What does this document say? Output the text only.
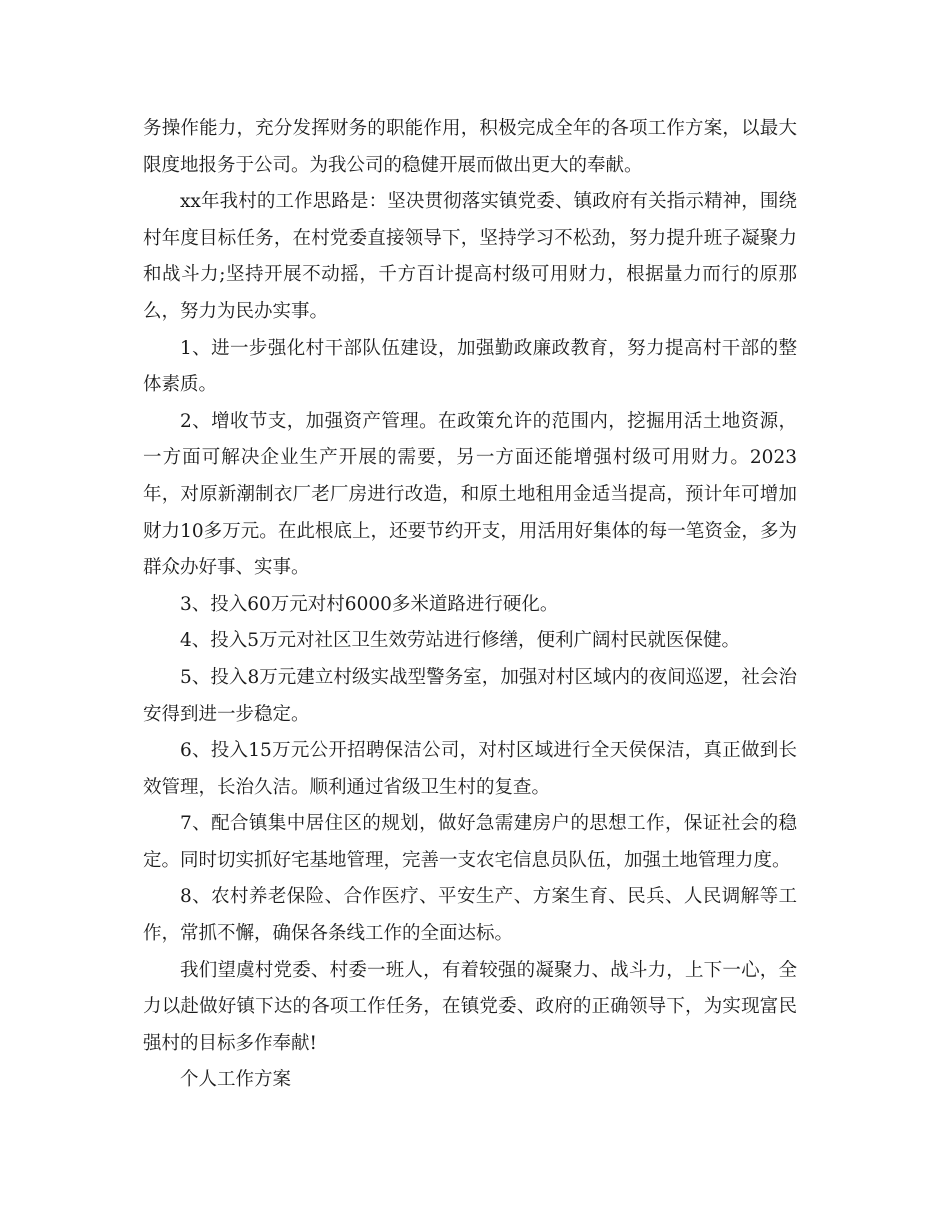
务操作能力，充分发挥财务的职能作用，积极完成全年的各项工作方案，以最大限度地报务于公司。为我公司的稳健开展而做出更大的奉献。

xx年我村的工作思路是：坚决贯彻落实镇党委、镇政府有关指示精神，围绕村年度目标任务，在村党委直接领导下，坚持学习不松劲，努力提升班子凝聚力和战斗力;坚持开展不动摇，千方百计提高村级可用财力，根据量力而行的原那么，努力为民办实事。

1、进一步强化村干部队伍建设，加强勤政廉政教育，努力提高村干部的整体素质。

2、增收节支，加强资产管理。在政策允许的范围内，挖掘用活土地资源，一方面可解决企业生产开展的需要，另一方面还能增强村级可用财力。2023年，对原新潮制衣厂老厂房进行改造，和原土地租用金适当提高，预计年可增加财力10多万元。在此根底上，还要节约开支，用活用好集体的每一笔资金，多为群众办好事、实事。

3、投入60万元对村6000多米道路进行硬化。

4、投入5万元对社区卫生效劳站进行修缮，便利广阔村民就医保健。

5、投入8万元建立村级实战型警务室，加强对村区域内的夜间巡逻，社会治安得到进一步稳定。

6、投入15万元公开招聘保洁公司，对村区域进行全天侯保洁，真正做到长效管理，长治久洁。顺利通过省级卫生村的复查。

7、配合镇集中居住区的规划，做好急需建房户的思想工作，保证社会的稳定。同时切实抓好宅基地管理，完善一支农宅信息员队伍，加强土地管理力度。

8、农村养老保险、合作医疗、平安生产、方案生育、民兵、人民调解等工作，常抓不懈，确保各条线工作的全面达标。

我们望虞村党委、村委一班人，有着较强的凝聚力、战斗力，上下一心，全力以赴做好镇下达的各项工作任务，在镇党委、政府的正确领导下，为实现富民强村的目标多作奉献!

个人工作方案
